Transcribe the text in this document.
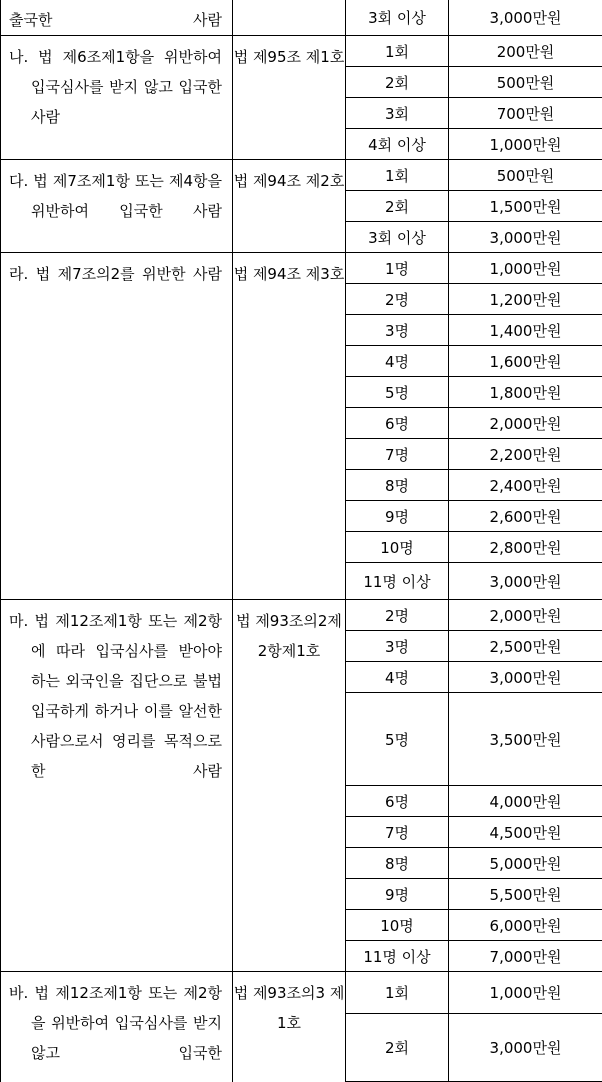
출국한 사람		3회 이상	3,000만원

나. 법 제6조제1항을 위반하여 입국심사를 받지 않고 입국한 사람	법 제95조 제1호	1회	200만원
		2회	500만원
		3회	700만원
		4회 이상	1,000만원

다. 법 제7조제1항 또는 제4항을 위반하여 입국한 사람	법 제94조 제2호	1회	500만원
		2회	1,500만원
		3회 이상	3,000만원

라. 법 제7조의2를 위반한 사람	법 제94조 제3호	1명	1,000만원
		2명	1,200만원
		3명	1,400만원
		4명	1,600만원
		5명	1,800만원
		6명	2,000만원
		7명	2,200만원
		8명	2,400만원
		9명	2,600만원
		10명	2,800만원
		11명 이상	3,000만원

마. 법 제12조제1항 또는 제2항에 따라 입국심사를 받아야 하는 외국인을 집단으로 불법입국하게 하거나 이를 알선한 사람으로서 영리를 목적으로 한 사람	법 제93조의2제2항제1호	2명	2,000만원
		3명	2,500만원
		4명	3,000만원
		5명	3,500만원
		6명	4,000만원
		7명	4,500만원
		8명	5,000만원
		9명	5,500만원
		10명	6,000만원
		11명 이상	7,000만원

바. 법 제12조제1항 또는 제2항을 위반하여 입국심사를 받지 않고 입국한	법 제93조의3 제1호	1회	1,000만원
		2회	3,000만원
